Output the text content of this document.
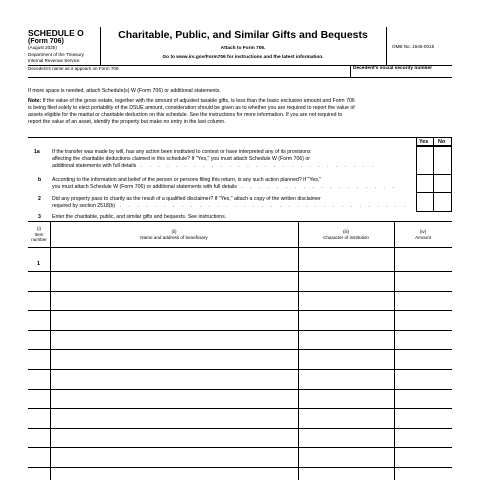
SCHEDULE O
(Form 706)
(August 2025)
Department of the Treasury
Internal Revenue Service
Charitable, Public, and Similar Gifts and Bequests
Attach to Form 706.
Go to www.irs.gov/Form706 for instructions and the latest information.
OMB No. 1545-0015
Decedent's name as it appears on Form 706	Decedent's social security number
If more space is needed, attach Schedule(s) W (Form 706) or additional statements.
Note: If the value of the gross estate, together with the amount of adjusted taxable gifts, is less than the basic exclusion amount and Form 706
is being filed solely to elect portability of the DSUE amount, consideration should be given as to whether you are required to report the value of
assets eligible for the marital or charitable deduction on this schedule. See the instructions for more information. If you are not required to
report the value of an asset, identify the property but make no entry in the last column.
Yes No
1a If the transfer was made by will, has any action been instituted to contest or have interpreted any of its provisions
affecting the charitable deductions claimed in this schedule? If "Yes," you must attach Schedule W (Form 706) or
additional statements with full details . . . . . . . . . . . . . . . . . . . . . . . . . . .
b According to the information and belief of the person or persons filing this return, is any such action planned? If "Yes,"
you must attach Schedule W (Form 706) or additional statements with full details . . . . . . . . . . . . . . . . . .
2 Did any property pass to charity as the result of a qualified disclaimer? If "Yes," attach a copy of the written disclaimer
required by section 2518(b) . . . . . . . . . . . . . . . . . . . . . . . . . . . . . . . . .
3 Enter the charitable, public, and similar gifts and bequests. See instructions.
(i)
Item
number
(ii)
Name and address of beneficiary
(iii)
Character of institution
(iv)
Amount
1
